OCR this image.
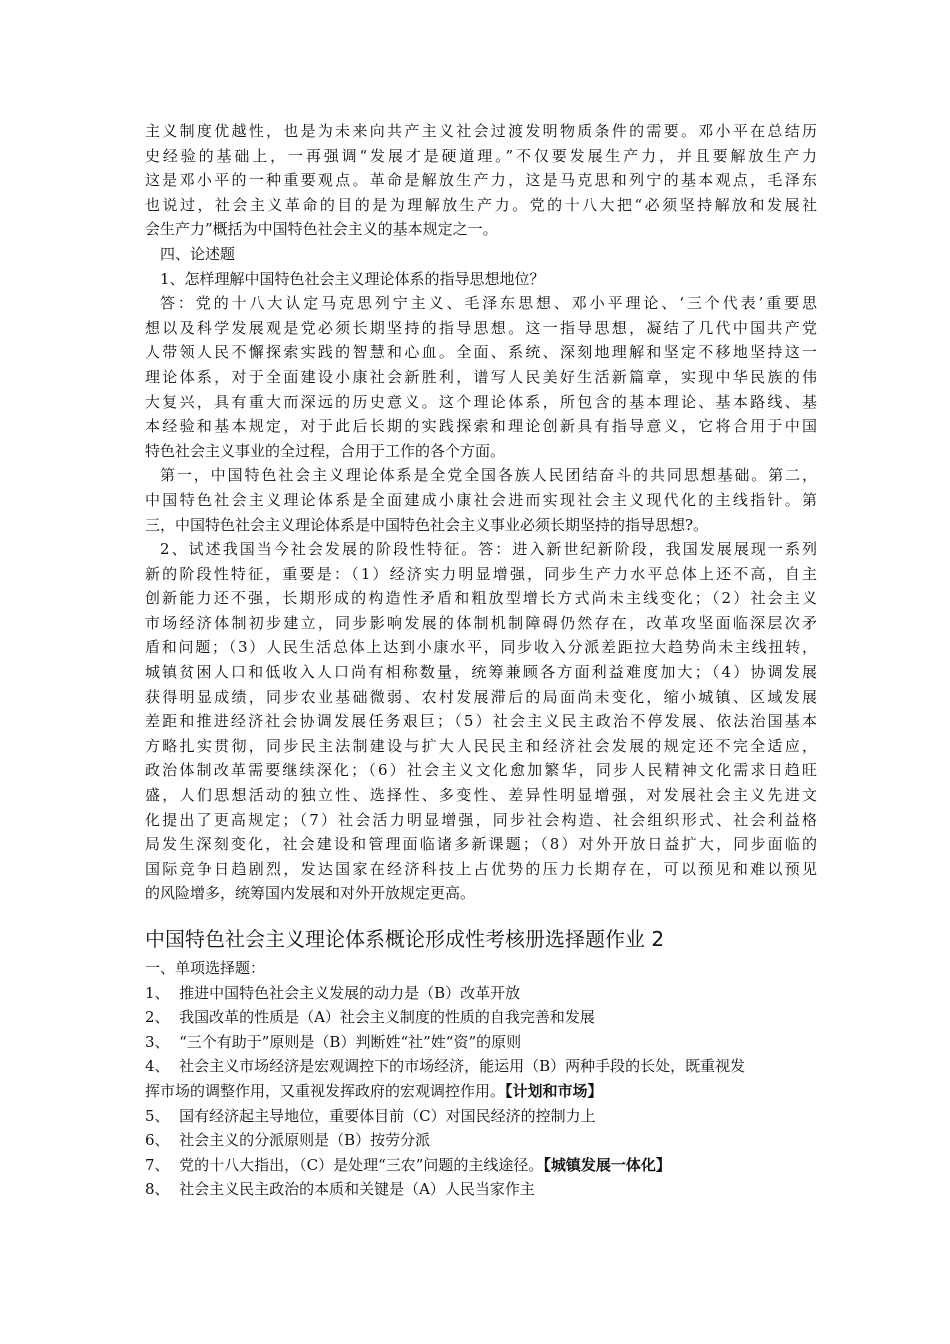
主义制度优越性，也是为未来向共产主义社会过渡发明物质条件的需要。邓小平在总结历
史经验的基础上，一再强调“发展才是硬道理。”不仅要发展生产力，并且要解放生产力
这是邓小平的一种重要观点。革命是解放生产力，这是马克思和列宁的基本观点，毛泽东
也说过，社会主义革命的目的是为理解放生产力。党的十八大把“必须坚持解放和发展社
会生产力”概括为中国特色社会主义的基本规定之一。
四、论述题
1、怎样理解中国特色社会主义理论体系的指导思想地位？
答：党的十八大认定马克思列宁主义、毛泽东思想、邓小平理论、‘三个代表’重要思
想以及科学发展观是党必须长期坚持的指导思想。这一指导思想，凝结了几代中国共产党
人带领人民不懈探索实践的智慧和心血。全面、系统、深刻地理解和坚定不移地坚持这一
理论体系，对于全面建设小康社会新胜利，谱写人民美好生活新篇章，实现中华民族的伟
大复兴，具有重大而深远的历史意义。这个理论体系，所包含的基本理论、基本路线、基
本经验和基本规定，对于此后长期的实践探索和理论创新具有指导意义，它将合用于中国
特色社会主义事业的全过程，合用于工作的各个方面。
第一，中国特色社会主义理论体系是全党全国各族人民团结奋斗的共同思想基础。第二，
中国特色社会主义理论体系是全面建成小康社会进而实现社会主义现代化的主线指针。第
三，中国特色社会主义理论体系是中国特色社会主义事业必须长期坚持的指导思想?。
2、试述我国当今社会发展的阶段性特征。答：进入新世纪新阶段，我国发展展现一系列
新的阶段性特征，重要是：（1）经济实力明显增强，同步生产力水平总体上还不高，自主
创新能力还不强，长期形成的构造性矛盾和粗放型增长方式尚未主线变化；（2）社会主义
市场经济体制初步建立，同步影响发展的体制机制障碍仍然存在，改革攻坚面临深层次矛
盾和问题；（3）人民生活总体上达到小康水平，同步收入分派差距拉大趋势尚未主线扭转，
城镇贫困人口和低收入人口尚有相称数量，统筹兼顾各方面利益难度加大；（4）协调发展
获得明显成绩，同步农业基础微弱、农村发展滞后的局面尚未变化，缩小城镇、区域发展
差距和推进经济社会协调发展任务艰巨；（5）社会主义民主政治不停发展、依法治国基本
方略扎实贯彻，同步民主法制建设与扩大人民民主和经济社会发展的规定还不完全适应，
政治体制改革需要继续深化；（6）社会主义文化愈加繁华，同步人民精神文化需求日趋旺
盛，人们思想活动的独立性、选择性、多变性、差异性明显增强，对发展社会主义先进文
化提出了更高规定；（7）社会活力明显增强，同步社会构造、社会组织形式、社会利益格
局发生深刻变化，社会建设和管理面临诸多新课题；（8）对外开放日益扩大，同步面临的
国际竞争日趋剧烈，发达国家在经济科技上占优势的压力长期存在，可以预见和难以预见
的风险增多，统筹国内发展和对外开放规定更高。
中国特色社会主义理论体系概论形成性考核册选择题作业 2
一、单项选择题：
1、 推进中国特色社会主义发展的动力是（B）改革开放
2、 我国改革的性质是（A）社会主义制度的性质的自我完善和发展
3、 “三个有助于”原则是（B）判断姓“社”姓“资”的原则
4、 社会主义市场经济是宏观调控下的市场经济，能运用（B）两种手段的长处，既重视发
挥市场的调整作用，又重视发挥政府的宏观调控作用。【计划和市场】
5、 国有经济起主导地位，重要体目前（C）对国民经济的控制力上
6、 社会主义的分派原则是（B）按劳分派
7、 党的十八大指出，（C）是处理“三农”问题的主线途径。【城镇发展一体化】
8、 社会主义民主政治的本质和关键是（A）人民当家作主
